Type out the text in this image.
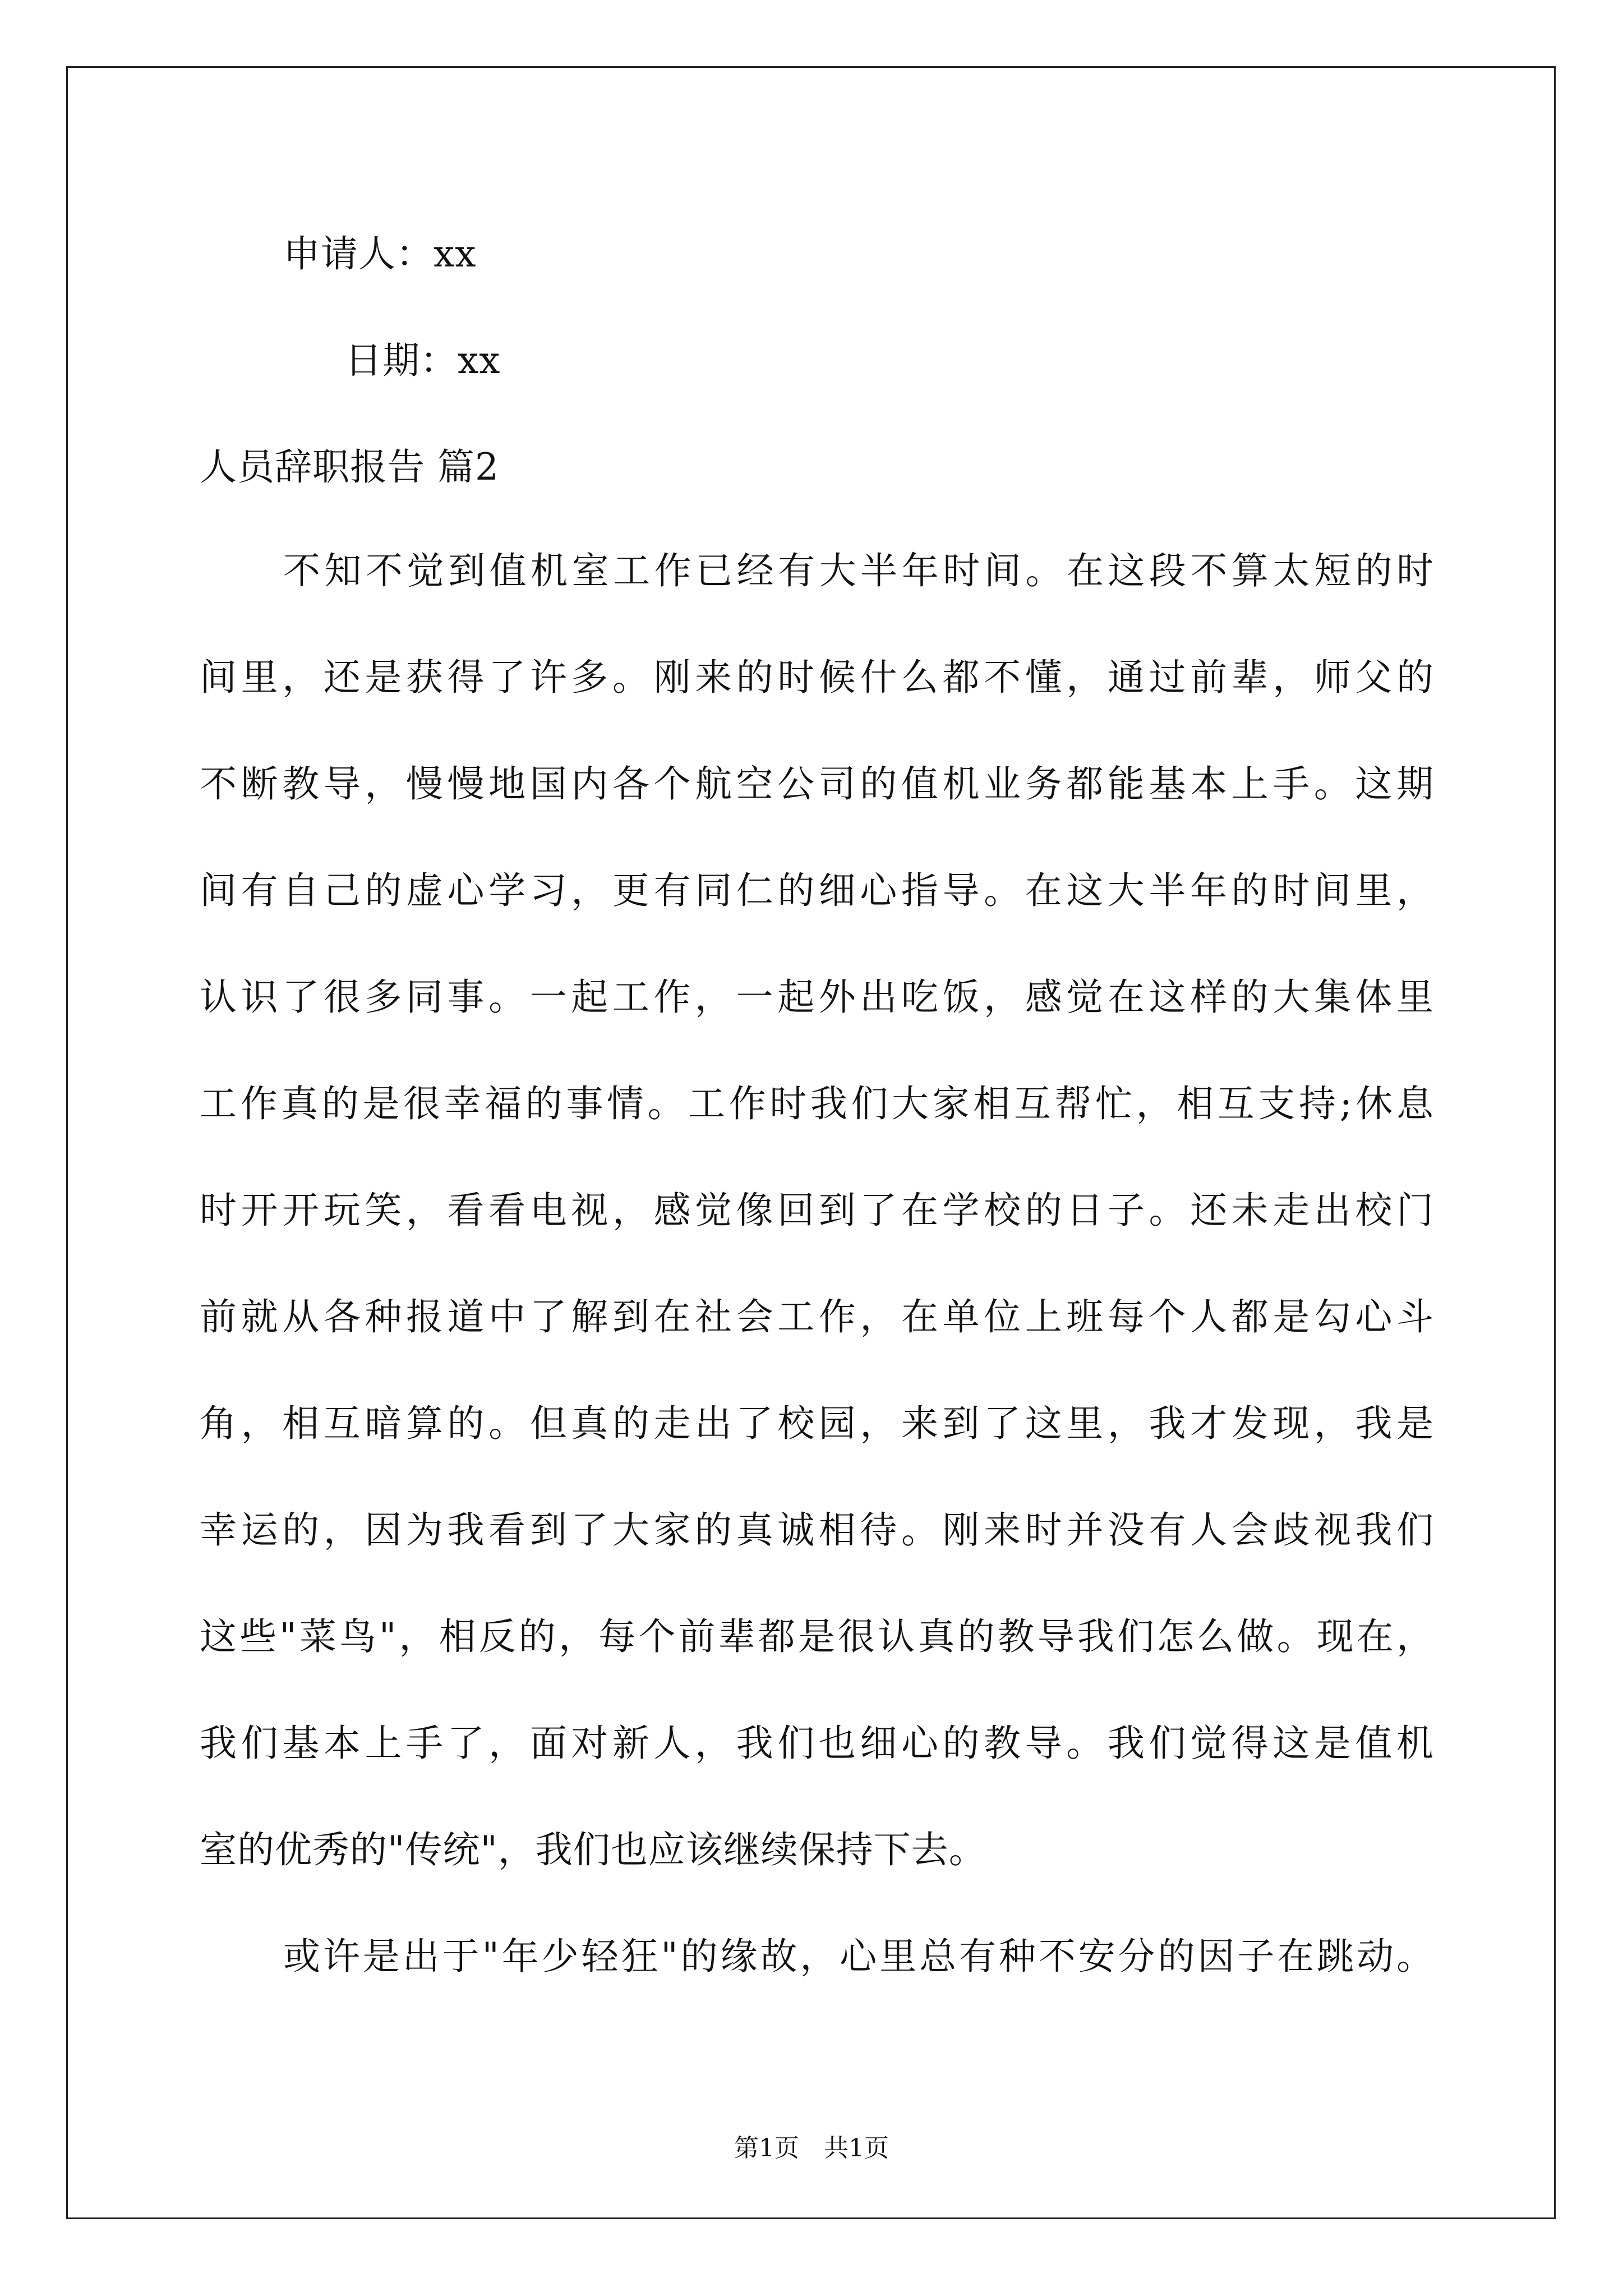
申请人：xx
日期：xx
人员辞职报告 篇2
不知不觉到值机室工作已经有大半年时间。在这段不算太短的时
间里，还是获得了许多。刚来的时候什么都不懂，通过前辈，师父的
不断教导，慢慢地国内各个航空公司的值机业务都能基本上手。这期
间有自己的虚心学习，更有同仁的细心指导。在这大半年的时间里，
认识了很多同事。一起工作，一起外出吃饭，感觉在这样的大集体里
工作真的是很幸福的事情。工作时我们大家相互帮忙，相互支持;休息
时开开玩笑，看看电视，感觉像回到了在学校的日子。还未走出校门
前就从各种报道中了解到在社会工作，在单位上班每个人都是勾心斗
角，相互暗算的。但真的走出了校园，来到了这里，我才发现，我是
幸运的，因为我看到了大家的真诚相待。刚来时并没有人会歧视我们
这些"菜鸟"，相反的，每个前辈都是很认真的教导我们怎么做。现在，
我们基本上手了，面对新人，我们也细心的教导。我们觉得这是值机
室的优秀的"传统"，我们也应该继续保持下去。
或许是出于"年少轻狂"的缘故，心里总有种不安分的因子在跳动。
第1页　共1页
